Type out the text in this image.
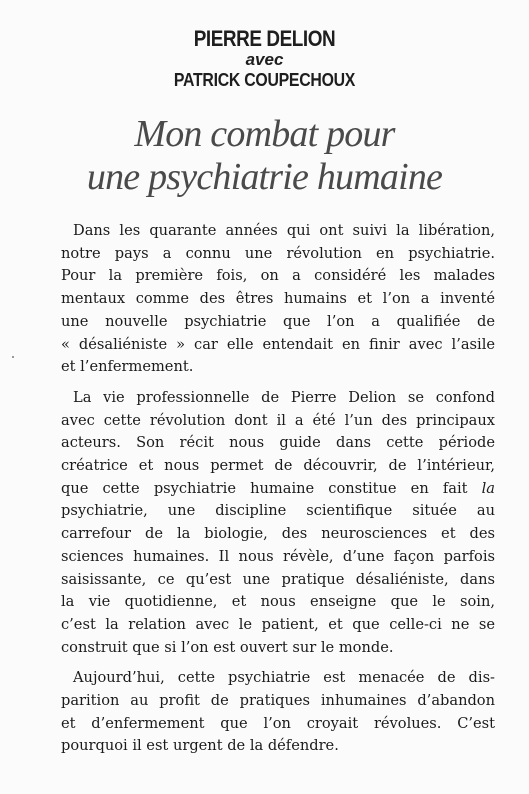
PIERRE DELION
avec
PATRICK COUPECHOUX
Mon combat pour
une psychiatrie humaine
Dans les quarante années qui ont suivi la libération,
notre pays a connu une révolution en psychiatrie.
Pour la première fois, on a considéré les malades
mentaux comme des êtres humains et l’on a inventé
une nouvelle psychiatrie que l’on a qualifiée de
« désaliéniste » car elle entendait en finir avec l’asile
et l’enfermement.
La vie professionnelle de Pierre Delion se confond
avec cette révolution dont il a été l’un des principaux
acteurs. Son récit nous guide dans cette période
créatrice et nous permet de découvrir, de l’intérieur,
que cette psychiatrie humaine constitue en fait la
psychiatrie, une discipline scientifique située au
carrefour de la biologie, des neurosciences et des
sciences humaines. Il nous révèle, d’une façon parfois
saisissante, ce qu’est une pratique désaliéniste, dans
la vie quotidienne, et nous enseigne que le soin,
c’est la relation avec le patient, et que celle-ci ne se
construit que si l’on est ouvert sur le monde.
Aujourd’hui, cette psychiatrie est menacée de dis-
parition au profit de pratiques inhumaines d’abandon
et d’enfermement que l’on croyait révolues. C’est
pourquoi il est urgent de la défendre.
